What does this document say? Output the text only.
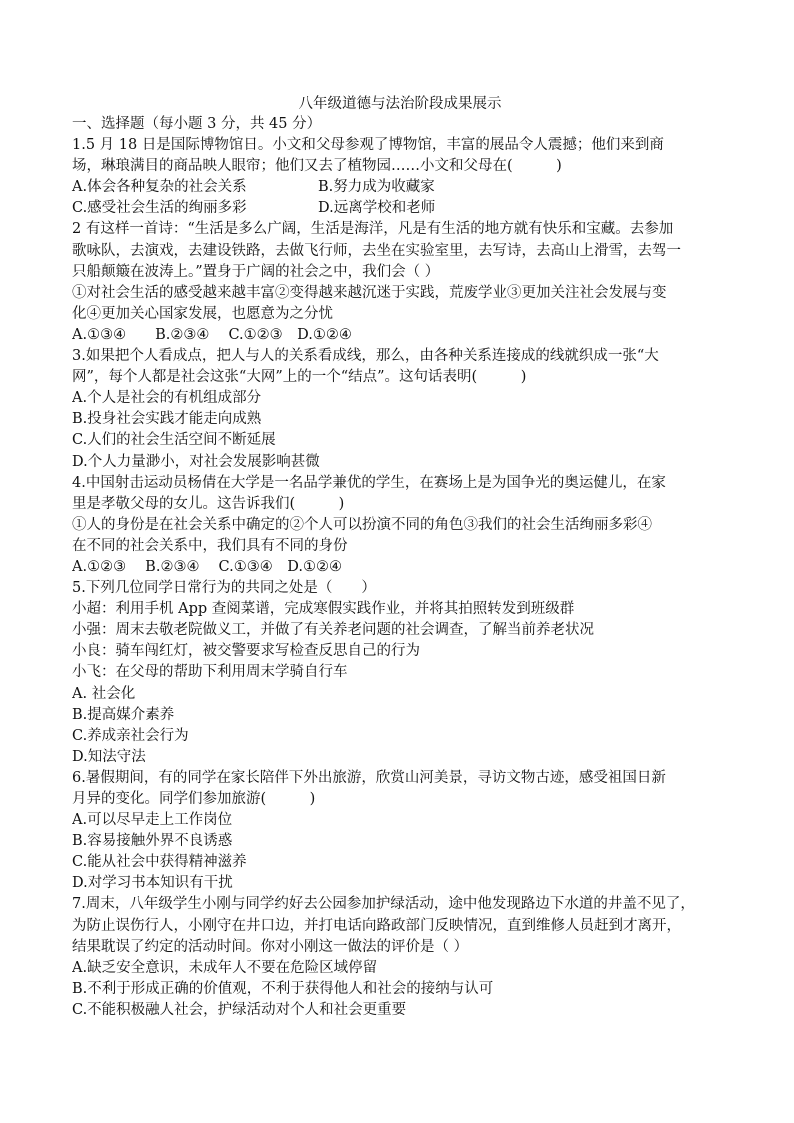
八年级道德与法治阶段成果展示
一、选择题（每小题 3 分，共 45 分）
1.5 月 18 日是国际博物馆日。小文和父母参观了博物馆，丰富的展品令人震撼；他们来到商
场，琳琅满目的商品映人眼帘；他们又去了植物园……小文和父母在(　　　)
A.体会各种复杂的社会关系	B.努力成为收藏家
C.感受社会生活的绚丽多彩	D.远离学校和老师
2 有这样一首诗：“生活是多么广阔，生活是海洋，凡是有生活的地方就有快乐和宝藏。去参加
歌咏队，去演戏，去建设铁路，去做飞行师，去坐在实验室里，去写诗，去高山上滑雪，去驾一
只船颠簸在波涛上。”置身于广阔的社会之中，我们会（ ）
①对社会生活的感受越来越丰富②变得越来越沉迷于实践，荒废学业③更加关注社会发展与变
化④更加关心国家发展，也愿意为之分忧
A.①③④　　B.②③④　 C.①②③　D.①②④
3.如果把个人看成点，把人与人的关系看成线，那么，由各种关系连接成的线就织成一张“大
网”，每个人都是社会这张“大网”上的一个“结点”。这句话表明(　　　)
A.个人是社会的有机组成部分
B.投身社会实践才能走向成熟
C.人们的社会生活空间不断延展
D.个人力量渺小，对社会发展影响甚微
4.中国射击运动员杨倩在大学是一名品学兼优的学生，在赛场上是为国争光的奥运健儿，在家
里是孝敬父母的女儿。这告诉我们(　　　)
①人的身份是在社会关系中确定的②个人可以扮演不同的角色③我们的社会生活绚丽多彩④
在不同的社会关系中，我们具有不同的身份
A.①②③　 B.②③④　 C.①③④　D.①②④
5.下列几位同学日常行为的共同之处是（　　）
小超：利用手机 App 查阅菜谱，完成寒假实践作业，并将其拍照转发到班级群
小强：周末去敬老院做义工，并做了有关养老问题的社会调查，了解当前养老状况
小良：骑车闯红灯，被交警要求写检查反思自己的行为
小飞：在父母的帮助下利用周末学骑自行车
A. 社会化
B.提高媒介素养
C.养成亲社会行为
D.知法守法
6.暑假期间，有的同学在家长陪伴下外出旅游，欣赏山河美景，寻访文物古迹，感受祖国日新
月异的变化。同学们参加旅游(　　　)
A.可以尽早走上工作岗位
B.容易接触外界不良诱惑
C.能从社会中获得精神滋养
D.对学习书本知识有干扰
7.周末，八年级学生小刚与同学约好去公园参加护绿活动，途中他发现路边下水道的井盖不见了，
为防止误伤行人，小刚守在井口边，并打电话向路政部门反映情况，直到维修人员赶到才离开，
结果耽误了约定的活动时间。你对小刚这一做法的评价是（ ）
A.缺乏安全意识，未成年人不要在危险区域停留
B.不利于形成正确的价值观，不利于获得他人和社会的接纳与认可
C.不能积极融人社会，护绿活动对个人和社会更重要
